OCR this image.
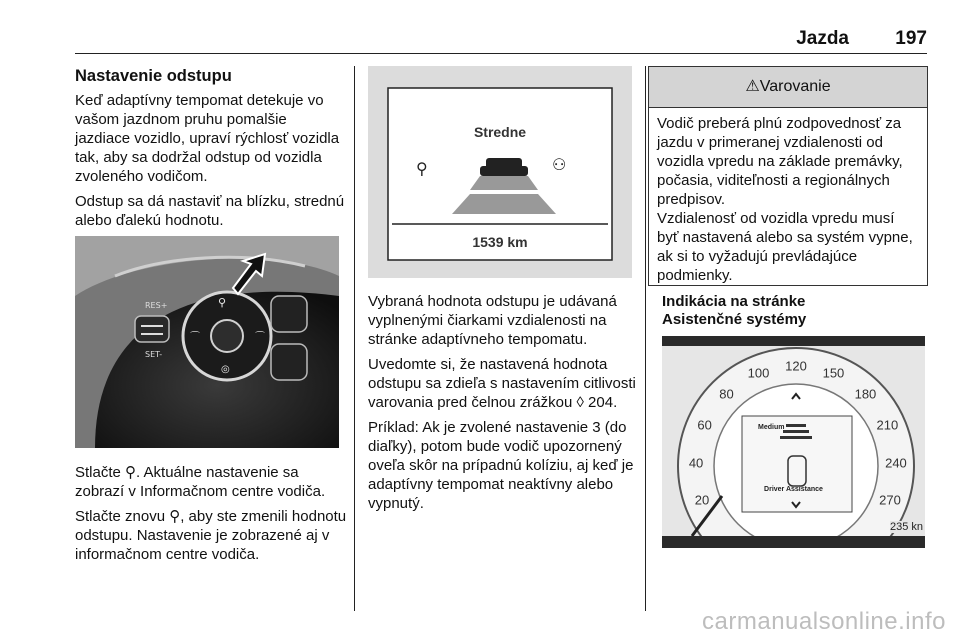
Jazda 197
Nastavenie odstupu

Keď adaptívny tempomat detekuje vo vašom jazdnom pruhu pomalšie jazdiace vozidlo, upraví rýchlosť vozidla tak, aby sa dodržal odstup od vozidla zvoleného vodičom.

Odstup sa dá nastaviť na blízku, strednú alebo ďalekú hodnotu.

RES+
SET-
⚲
⌒	⌒
◎

Stlačte ⚲. Aktuálne nastavenie sa zobrazí v Informačnom centre vodiča.

Stlačte znovu ⚲, aby ste zmenili hodnotu odstupu. Nastavenie je zobrazené aj v informačnom centre vodiča.

⚲	⚇
Stredne
1539 km

Vybraná hodnota odstupu je udávaná vyplnenými čiarkami vzdialenosti na stránke adaptívneho tempomatu.

Uvedomte si, že nastavená hodnota odstupu sa zdieľa s nastavením citlivosti varovania pred čelnou zrážkou ◊ 204.

Príklad: Ak je zvolené nastavenie 3 (do diaľky), potom bude vodič upozornený oveľa skôr na prípadnú kolíziu, aj keď je adaptívny tempomat neaktívny alebo vypnutý.

⚠Varovanie

Vodič preberá plnú zodpovednosť za jazdu v primeranej vzdialenosti od vozidla vpredu na základe premávky, počasia, viditeľnosti a regionálnych predpisov.

Vzdialenosť od vozidla vpredu musí byť nastavená alebo sa systém vypne, ak si to vyžadujú prevládajúce podmienky.

Indikácia na stránke
Asistenčné systémy
Medium
Driver Assistance
235 kn
20
40
60
80
100 120 150
180
210
240
270
carmanualsonline.info
